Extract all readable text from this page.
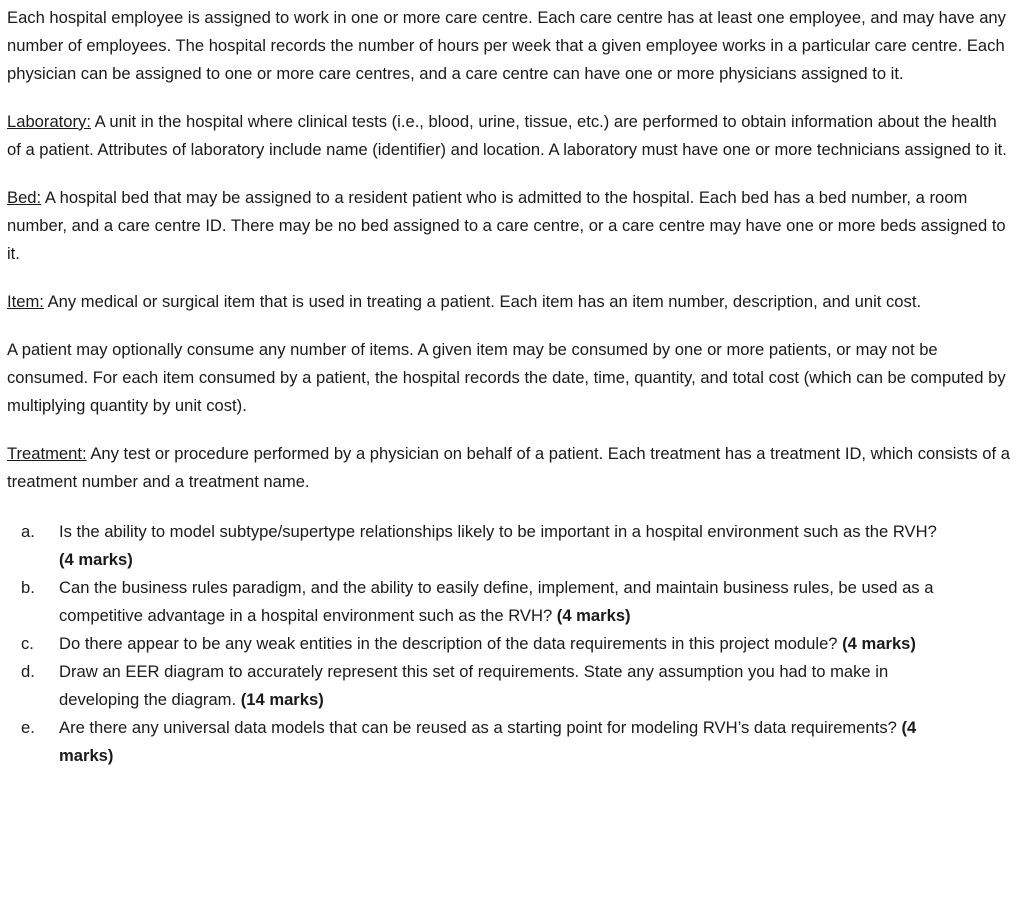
Each hospital employee is assigned to work in one or more care centre. Each care centre has at least one employee, and may have any number of employees. The hospital records the number of hours per week that a given employee works in a particular care centre. Each physician can be assigned to one or more care centres, and a care centre can have one or more physicians assigned to it.

Laboratory: A unit in the hospital where clinical tests (i.e., blood, urine, tissue, etc.) are performed to obtain information about the health of a patient. Attributes of laboratory include name (identifier) and location. A laboratory must have one or more technicians assigned to it.

Bed: A hospital bed that may be assigned to a resident patient who is admitted to the hospital. Each bed has a bed number, a room number, and a care centre ID. There may be no bed assigned to a care centre, or a care centre may have one or more beds assigned to it.

Item: Any medical or surgical item that is used in treating a patient. Each item has an item number, description, and unit cost.

A patient may optionally consume any number of items. A given item may be consumed by one or more patients, or may not be consumed. For each item consumed by a patient, the hospital records the date, time, quantity, and total cost (which can be computed by multiplying quantity by unit cost).

Treatment: Any test or procedure performed by a physician on behalf of a patient. Each treatment has a treatment ID, which consists of a treatment number and a treatment name.

a. Is the ability to model subtype/supertype relationships likely to be important in a hospital environment such as the RVH? (4 marks)
b. Can the business rules paradigm, and the ability to easily define, implement, and maintain business rules, be used as a competitive advantage in a hospital environment such as the RVH? (4 marks)
c. Do there appear to be any weak entities in the description of the data requirements in this project module? (4 marks)
d. Draw an EER diagram to accurately represent this set of requirements. State any assumption you had to make in developing the diagram. (14 marks)
e. Are there any universal data models that can be reused as a starting point for modeling RVH’s data requirements? (4 marks)
